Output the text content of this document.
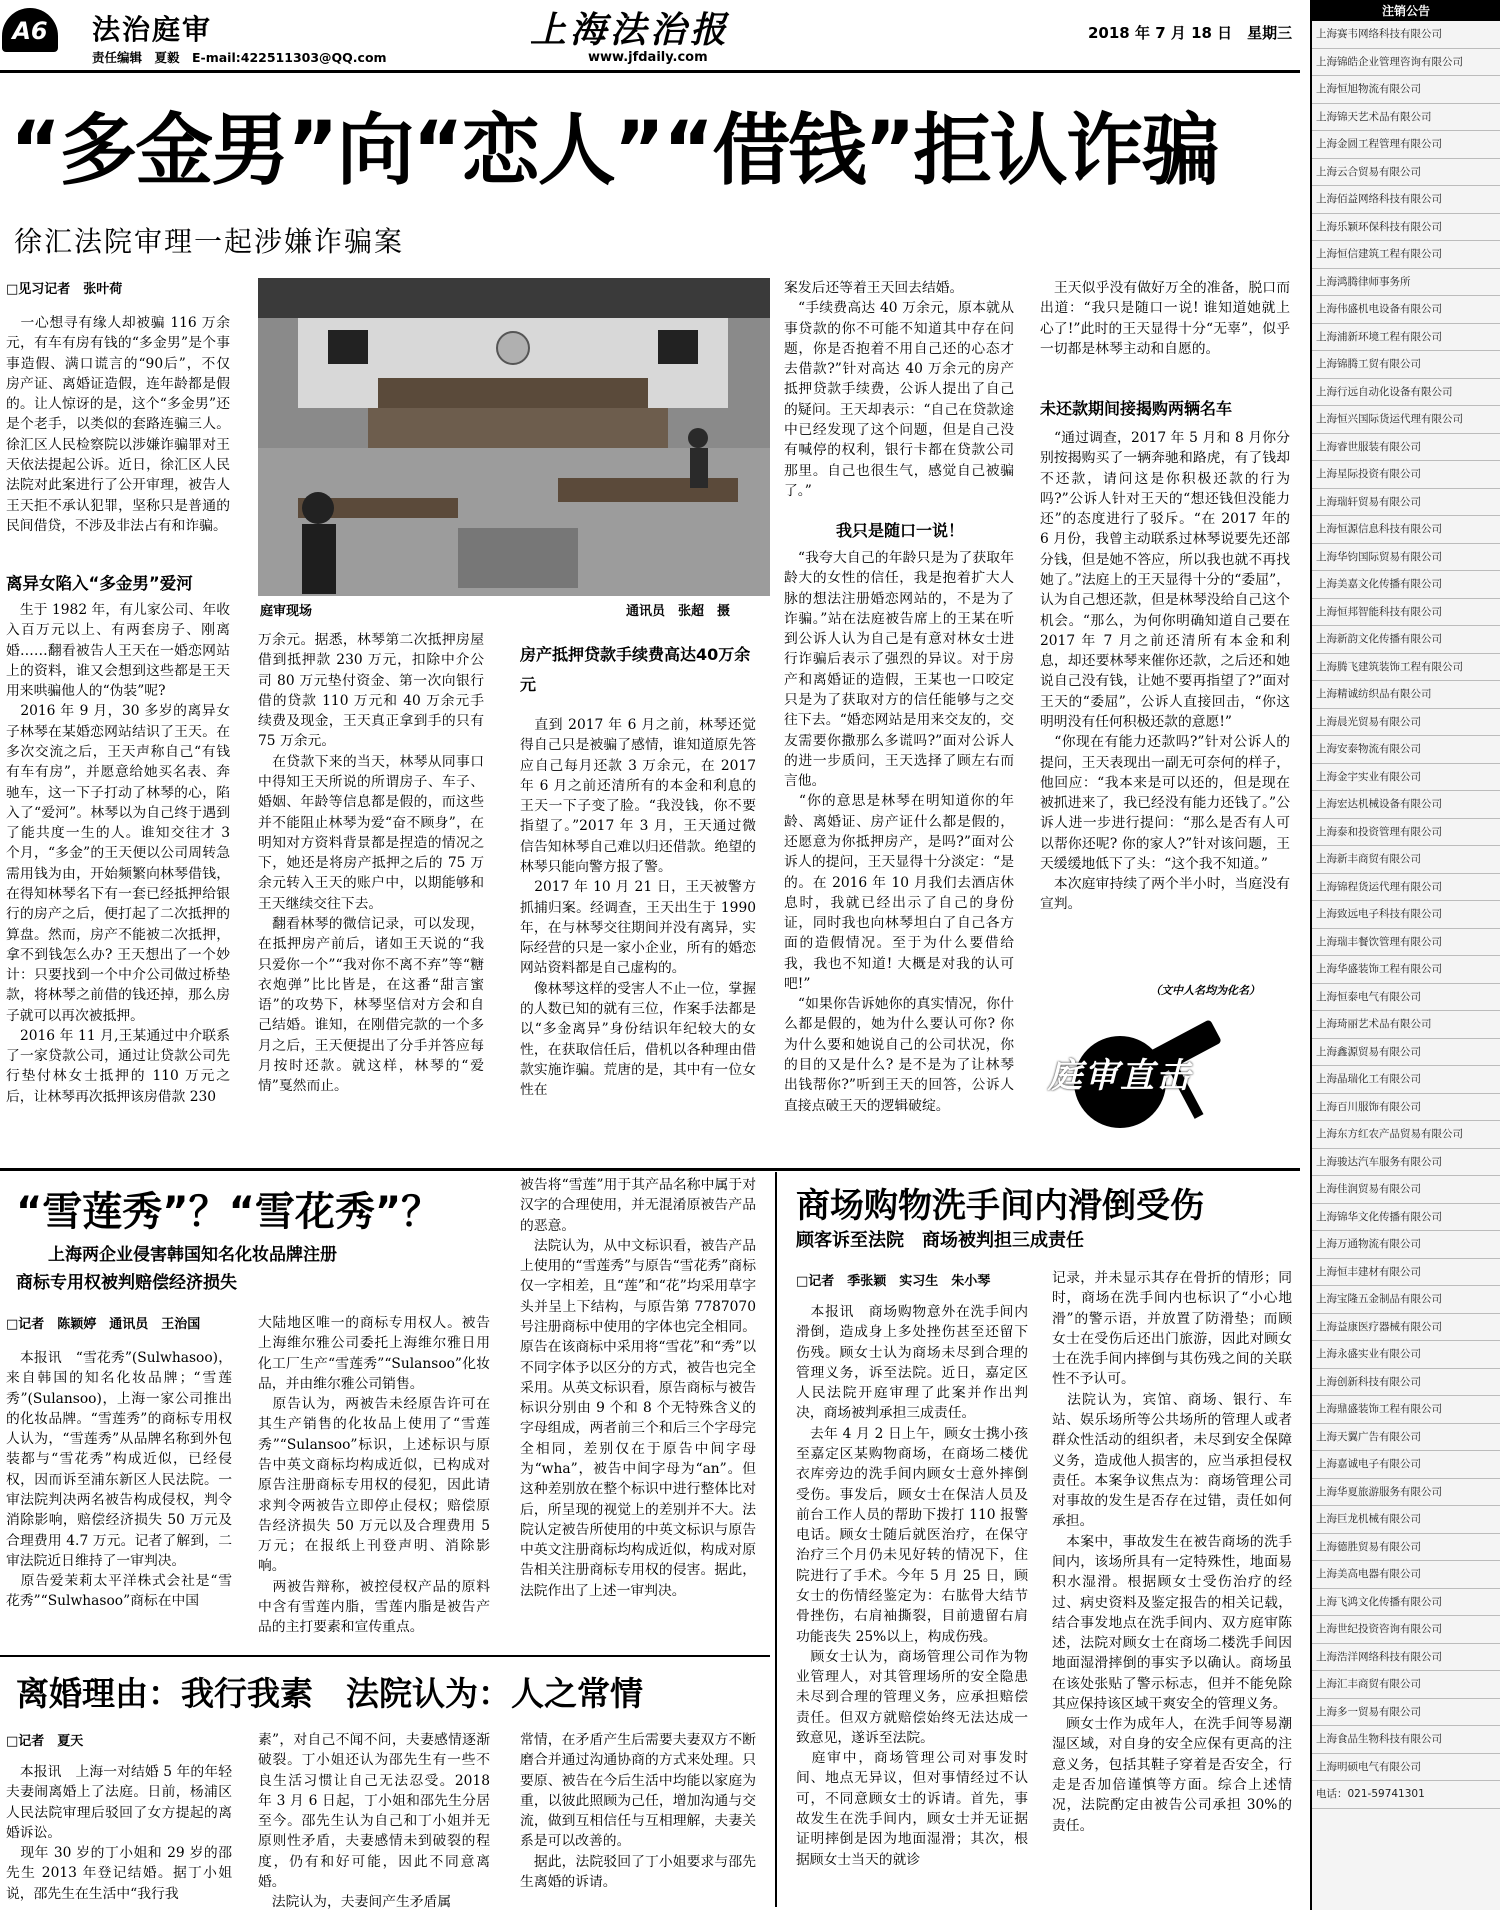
A6	法治庭审
责任编辑　夏毅　E-mail:422511303@QQ.com
上海法治报
www.jfdaily.com
2018 年 7 月 18 日　星期三
“多金男”向“恋人”“借钱”拒认诈骗
徐汇法院审理一起涉嫌诈骗案
□见习记者　张叶荷
　一心想寻有缘人却被骗 116 万余元，有车有房有钱的“多金男”是个事事造假、满口谎言的“90后”，不仅房产证、离婚证造假，连年龄都是假的。让人惊讶的是，这个“多金男”还是个老手，以类似的套路连骗三人。徐汇区人民检察院以涉嫌诈骗罪对王天依法提起公诉。近日，徐汇区人民法院对此案进行了公开审理，被告人王天拒不承认犯罪，坚称只是普通的民间借贷，不涉及非法占有和诈骗。
离异女陷入“多金男”爱河
　生于 1982 年，有儿家公司、年收入百万元以上、有两套房子、刚离婚……翻看被告人王天在一婚恋网站上的资料，谁又会想到这些都是王天用来哄骗他人的“伪装”呢?
　2016 年 9 月，30 多岁的离异女子林琴在某婚恋网站结识了王天。在多次交流之后，王天声称自己“有钱有车有房”，并愿意给她买名表、奔驰车，这一下子打动了林琴的心，陷入了“爱河”。林琴以为自己终于遇到了能共度一生的人。谁知交往才 3 个月，“多金”的王天便以公司周转急需用钱为由，开始频繁向林琴借钱，在得知林琴名下有一套已经抵押给银行的房产之后，便打起了二次抵押的算盘。然而，房产不能被二次抵押，拿不到钱怎么办? 王天想出了一个妙计：只要找到一个中介公司做过桥垫款，将林琴之前借的钱还掉，那么房子就可以再次被抵押。
　2016 年 11 月,王某通过中介联系了一家贷款公司，通过让贷款公司先行垫付林女士抵押的 110 万元之后，让林琴再次抵押该房借款 230
庭审现场	通讯员　张超　摄
万余元。据悉，林琴第二次抵押房屋借到抵押款 230 万元，扣除中介公司 80 万元垫付资金、第一次向银行借的贷款 110 万元和 40 万余元手续费及现金，王天真正拿到手的只有 75 万余元。
　在贷款下来的当天，林琴从同事口中得知王天所说的所谓房子、车子、婚姻、年龄等信息都是假的，而这些并不能阻止林琴为爱“奋不顾身”，在明知对方资料背景都是捏造的情况之下，她还是将房产抵押之后的 75 万余元转入王天的账户中，以期能够和王天继续交往下去。
　翻看林琴的微信记录，可以发现，在抵押房产前后，诸如王天说的“我只爱你一个”“我对你不离不弃”等“糖衣炮弹”比比皆是，在这番“甜言蜜语”的攻势下，林琴坚信对方会和自己结婚。谁知，在刚借完款的一个多月之后，王天便提出了分手并答应每月按时还款。就这样，林琴的“爱情”戛然而止。
房产抵押贷款手续费高达40万余元
　直到 2017 年 6 月之前，林琴还觉得自己只是被骗了感情，谁知道原先答应自己每月还款 3 万余元，在 2017 年 6 月之前还清所有的本金和利息的王天一下子变了脸。“我没钱，你不要指望了。”2017 年 3 月，王天通过微信告知林琴自己难以归还借款。绝望的林琴只能向警方报了警。
　2017 年 10 月 21 日，王天被警方抓捕归案。经调查，王天出生于 1990 年，在与林琴交往期间并没有离异，实际经营的只是一家小企业，所有的婚恋网站资料都是自己虚构的。
　像林琴这样的受害人不止一位，掌握的人数已知的就有三位，作案手法都是以“多金离异”身份结识年纪较大的女性，在获取信任后，借机以各种理由借款实施诈骗。荒唐的是，其中有一位女性在
案发后还等着王天回去结婚。
　“手续费高达 40 万余元，原本就从事贷款的你不可能不知道其中存在问题，你是否抱着不用自己还的心态才去借款?”针对高达 40 万余元的房产抵押贷款手续费，公诉人提出了自己的疑问。王天却表示：“自己在贷款途中已经发现了这个问题，但是自己没有喊停的权利，银行卡都在贷款公司那里。自己也很生气，感觉自己被骗了。”
我只是随口一说！
　“我夸大自己的年龄只是为了获取年龄大的女性的信任，我是抱着扩大人脉的想法注册婚恋网站的，不是为了诈骗。”站在法庭被告席上的王某在听到公诉人认为自己是有意对林女士进行诈骗后表示了强烈的异议。对于房产和离婚证的造假，王某也一口咬定只是为了获取对方的信任能够与之交往下去。“婚恋网站是用来交友的，交友需要你撒那么多谎吗?”面对公诉人的进一步质问，王天选择了顾左右而言他。
　“你的意思是林琴在明知道你的年龄、离婚证、房产证什么都是假的，还愿意为你抵押房产，是吗?”面对公诉人的提问，王天显得十分淡定：“是的。在 2016 年 10 月我们去酒店休息时，我就已经出示了自己的身份证，同时我也向林琴坦白了自己各方面的造假情况。至于为什么要借给我，我也不知道! 大概是对我的认可吧!”
　“如果你告诉她你的真实情况，你什么都是假的，她为什么要认可你? 你为什么要和她说自己的公司状况，你的目的又是什么? 是不是为了让林琴出钱帮你?”听到王天的回答，公诉人直接点破王天的逻辑破绽。
　王天似乎没有做好万全的准备，脱口而出道：“我只是随口一说! 谁知道她就上心了!”此时的王天显得十分“无辜”，似乎一切都是林琴主动和自愿的。
未还款期间接揭购两辆名车
　“通过调查，2017 年 5 月和 8 月你分别按揭购买了一辆奔驰和路虎，有了钱却不还款，请问这是你积极还款的行为吗?”公诉人针对王天的“想还钱但没能力还”的态度进行了驳斥。“在 2017 年的 6 月份，我曾主动联系过林琴说要先还部分钱，但是她不答应，所以我也就不再找她了。”法庭上的王天显得十分的“委屈”，认为自己想还款，但是林琴没给自己这个机会。“那么，为何你明确知道自己要在 2017 年 7 月之前还清所有本金和利息，却还要林琴来催你还款，之后还和她说自己没有钱，让她不要再指望了?”面对王天的“委屈”，公诉人直接回击，“你这明明没有任何积极还款的意愿!”
　“你现在有能力还款吗?”针对公诉人的提问，王天表现出一副无可奈何的样子，他回应：“我本来是可以还的，但是现在被抓进来了，我已经没有能力还钱了。”公诉人进一步进行提问：“那么是否有人可以帮你还呢? 你的家人?”针对该问题，王天缓缓地低下了头：“这个我不知道。”
　本次庭审持续了两个半小时，当庭没有宣判。
（文中人名均为化名）
庭审直击
“雪莲秀”？“雪花秀”？
上海两企业侵害韩国知名化妆品牌注册
商标专用权被判赔偿经济损失
□记者　陈颖婷　通讯员　王治国
　本报讯　“雪花秀”(Sulwhasoo)，来自韩国的知名化妆品牌；“雪莲秀”(Sulansoo)，上海一家公司推出的化妆品牌。“雪莲秀”的商标专用权人认为，“雪莲秀”从品牌名称到外包装都与“雪花秀”构成近似，已经侵权，因而诉至浦东新区人民法院。一审法院判决两名被告构成侵权，判令消除影响，赔偿经济损失 50 万元及合理费用 4.7 万元。记者了解到，二审法院近日维持了一审判决。
　原告爱茉莉太平洋株式会社是“雪花秀”“Sulwhasoo”商标在中国
大陆地区唯一的商标专用权人。被告上海维尔雅公司委托上海维尔雅日用化工厂生产“雪莲秀”“Sulansoo”化妆品，并由维尔雅公司销售。
　原告认为，两被告未经原告许可在其生产销售的化妆品上使用了“雪莲秀”“Sulansoo”标识，上述标识与原告中英文商标均构成近似，已构成对原告注册商标专用权的侵犯，因此请求判令两被告立即停止侵权；赔偿原告经济损失 50 万元以及合理费用 5 万元；在报纸上刊登声明、消除影响。
　两被告辩称，被控侵权产品的原料中含有雪莲内脂，雪莲内脂是被告产品的主打要素和宣传重点。
被告将“雪莲”用于其产品名称中属于对汉字的合理使用，并无混淆原被告产品的恶意。
　法院认为，从中文标识看，被告产品上使用的“雪莲秀”与原告“雪花秀”商标仅一字相差，且“莲”和“花”均采用草字头并呈上下结构，与原告第 7787070 号注册商标中使用的字体也完全相同。原告在该商标中采用将“雪花”和“秀”以不同字体予以区分的方式，被告也完全采用。从英文标识看，原告商标与被告标识分别由 9 个和 8 个无特殊含义的字母组成，两者前三个和后三个字母完全相同，差别仅在于原告中间字母为“wha”，被告中间字母为“an”。但这种差别放在整个标识中进行整体比对后，所呈现的视觉上的差别并不大。法院认定被告所使用的中英文标识与原告中英文注册商标均构成近似，构成对原告相关注册商标专用权的侵害。据此，法院作出了上述一审判决。
离婚理由：我行我素　法院认为：人之常情
□记者　夏天
　本报讯　上海一对结婚 5 年的年轻夫妻闹离婚上了法庭。日前，杨浦区人民法院审理后驳回了女方提起的离婚诉讼。
　现年 30 岁的丁小姐和 29 岁的邵先生 2013 年登记结婚。据丁小姐说，邵先生在生活中“我行我
素”，对自己不闻不问，夫妻感情逐渐破裂。丁小姐还认为邵先生有一些不良生活习惯让自己无法忍受。2018 年 3 月 6 日起，丁小姐和邵先生分居至今。邵先生认为自己和丁小姐并无原则性矛盾，夫妻感情未到破裂的程度，仍有和好可能，因此不同意离婚。
　法院认为，夫妻间产生矛盾属
常情，在矛盾产生后需要夫妻双方不断磨合并通过沟通协商的方式来处理。只要原、被告在今后生活中均能以家庭为重，以彼此照顾为己任，增加沟通与交流，做到互相信任与互相理解，夫妻关系是可以改善的。
　据此，法院驳回了丁小姐要求与邵先生离婚的诉请。
商场购物洗手间内滑倒受伤
顾客诉至法院　商场被判担三成责任
□记者　季张颖　实习生　朱小琴
　本报讯　商场购物意外在洗手间内滑倒，造成身上多处挫伤甚至还留下伤残。顾女士认为商场未尽到合理的管理义务，诉至法院。近日，嘉定区人民法院开庭审理了此案并作出判决，商场被判承担三成责任。
　去年 4 月 2 日上午，顾女士携小孩至嘉定区某购物商场，在商场二楼优衣库旁边的洗手间内顾女士意外摔倒受伤。事发后，顾女士在保洁人员及前台工作人员的帮助下拨打 110 报警电话。顾女士随后就医治疗，在保守治疗三个月仍未见好转的情况下，住院进行了手术。今年 5 月 25 日，顾女士的伤情经鉴定为：右肱骨大结节骨挫伤，右肩袖撕裂，目前遗留右肩功能丧失 25%以上，构成伤残。
　顾女士认为，商场管理公司作为物业管理人，对其管理场所的安全隐患未尽到合理的管理义务，应承担赔偿责任。但双方就赔偿始终无法达成一致意见，遂诉至法院。
　庭审中，商场管理公司对事发时间、地点无异议，但对事情经过不认可，不同意顾女士的诉请。首先，事故发生在洗手间内，顾女士并无证据证明摔倒是因为地面湿滑；其次，根据顾女士当天的就诊
记录，并未显示其存在骨折的情形；同时，商场在洗手间内也标识了“小心地滑”的警示语，并放置了防滑垫；而顾女士在受伤后还出门旅游，因此对顾女士在洗手间内摔倒与其伤残之间的关联性不予认可。
　法院认为，宾馆、商场、银行、车站、娱乐场所等公共场所的管理人或者群众性活动的组织者，未尽到安全保障义务，造成他人损害的，应当承担侵权责任。本案争议焦点为：商场管理公司对事故的发生是否存在过错，责任如何承担。
　本案中，事故发生在被告商场的洗手间内，该场所具有一定特殊性，地面易积水湿滑。根据顾女士受伤治疗的经过、病史资料及鉴定报告的相关记载，结合事发地点在洗手间内、双方庭审陈述，法院对顾女士在商场二楼洗手间因地面湿滑摔倒的事实予以确认。商场虽在该处张贴了警示标志，但并不能免除其应保持该区域干爽安全的管理义务。
　顾女士作为成年人，在洗手间等易潮湿区域，对自身的安全应保有更高的注意义务，包括其鞋子穿着是否安全，行走是否加倍谨慎等方面。综合上述情况，法院酌定由被告公司承担 30%的责任。
注销公告
上海赛韦网络科技有限公司
上海锦皓企业管理咨询有限公司
上海恒旭物流有限公司
上海锦天艺术品有限公司
上海金圆工程管理有限公司
上海云合贸易有限公司
上海佰益网络科技有限公司
上海乐颖环保科技有限公司
上海恒信建筑工程有限公司
上海鸿腾律师事务所
上海伟盛机电设备有限公司
上海浦新环境工程有限公司
上海锦腾工贸有限公司
上海行远自动化设备有限公司
上海恒兴国际货运代理有限公司
上海睿世服装有限公司
上海星际投资有限公司
上海瑞轩贸易有限公司
上海恒源信息科技有限公司
上海华钧国际贸易有限公司
上海美嘉文化传播有限公司
上海恒邦智能科技有限公司
上海新韵文化传播有限公司
上海腾飞建筑装饰工程有限公司
上海精诚纺织品有限公司
上海晨光贸易有限公司
上海安泰物流有限公司
上海金宇实业有限公司
上海宏达机械设备有限公司
上海泰和投资管理有限公司
上海新丰商贸有限公司
上海锦程货运代理有限公司
上海致远电子科技有限公司
上海瑞丰餐饮管理有限公司
上海华盛装饰工程有限公司
上海恒泰电气有限公司
上海琦丽艺术品有限公司
上海鑫源贸易有限公司
上海晶瑞化工有限公司
上海百川服饰有限公司
上海东方红农产品贸易有限公司
上海骏达汽车服务有限公司
上海佳润贸易有限公司
上海锦华文化传播有限公司
上海万通物流有限公司
上海恒丰建材有限公司
上海宝隆五金制品有限公司
上海益康医疗器械有限公司
上海永盛实业有限公司
上海创新科技有限公司
上海鼎盛装饰工程有限公司
上海天翼广告有限公司
上海嘉诚电子有限公司
上海华夏旅游服务有限公司
上海巨龙机械有限公司
上海德胜贸易有限公司
上海美高电器有限公司
上海飞鸿文化传播有限公司
上海世纪投资咨询有限公司
上海浩洋网络科技有限公司
上海汇丰商贸有限公司
上海多一贸易有限公司
上海食品生物科技有限公司
上海明硕电气有限公司
电话：021-59741301
